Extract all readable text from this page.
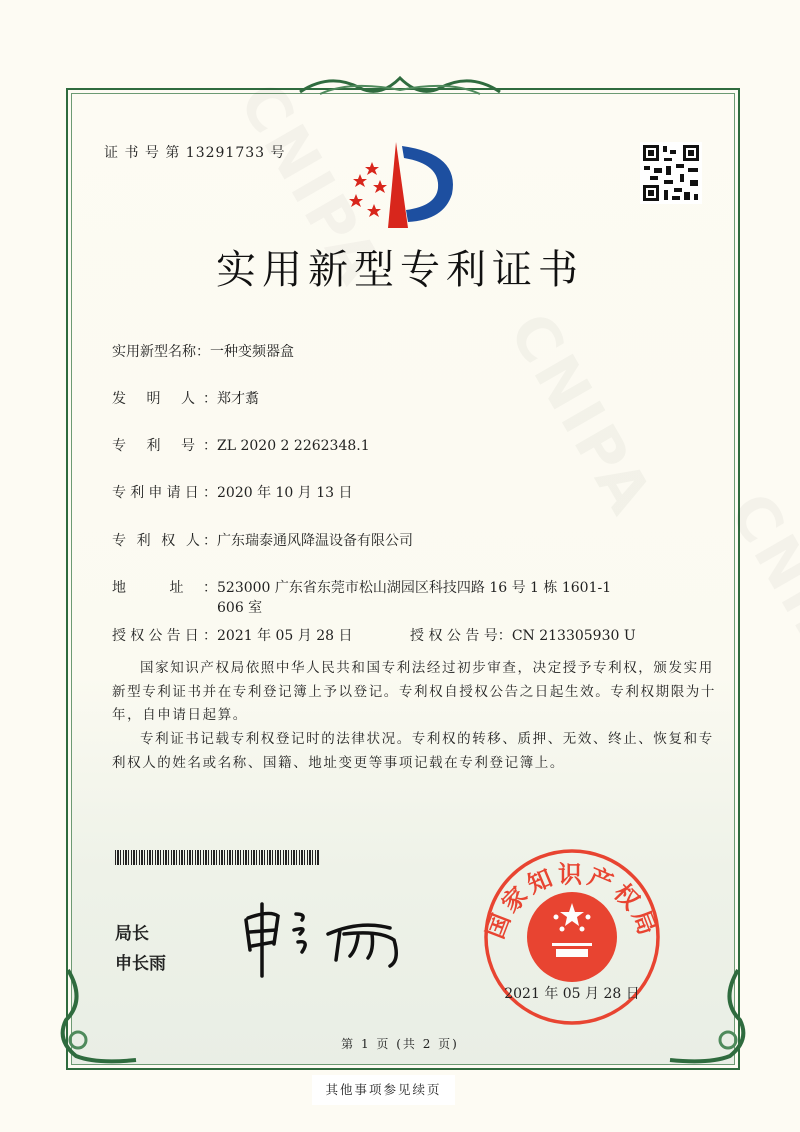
证 书 号 第 13291733 号
实用新型专利证书
实用新型名称：一种变频器盒
发 明 人：郑才翥
专 利 号：ZL 2020 2 2262348.1
专利申请日：2020 年 10 月 13 日
专 利 权 人：广东瑞泰通风降温设备有限公司
地 址：523000 广东省东莞市松山湖园区科技四路 16 号 1 栋 1601-1
606 室
授权公告日：2021 年 05 月 28 日	授 权 公 告 号：CN 213305930 U

国家知识产权局依照中华人民共和国专利法经过初步审查，决定授予专利权，颁发实用新型专利证书并在专利登记簿上予以登记。专利权自授权公告之日起生效。专利权期限为十年，自申请日起算。

专利证书记载专利权登记时的法律状况。专利权的转移、质押、无效、终止、恢复和专利权人的姓名或名称、国籍、地址变更等事项记载在专利登记簿上。

局长
申长雨
国家知识产权局
2021 年 05 月 28 日
第 1 页 (共 2 页)
其他事项参见续页
